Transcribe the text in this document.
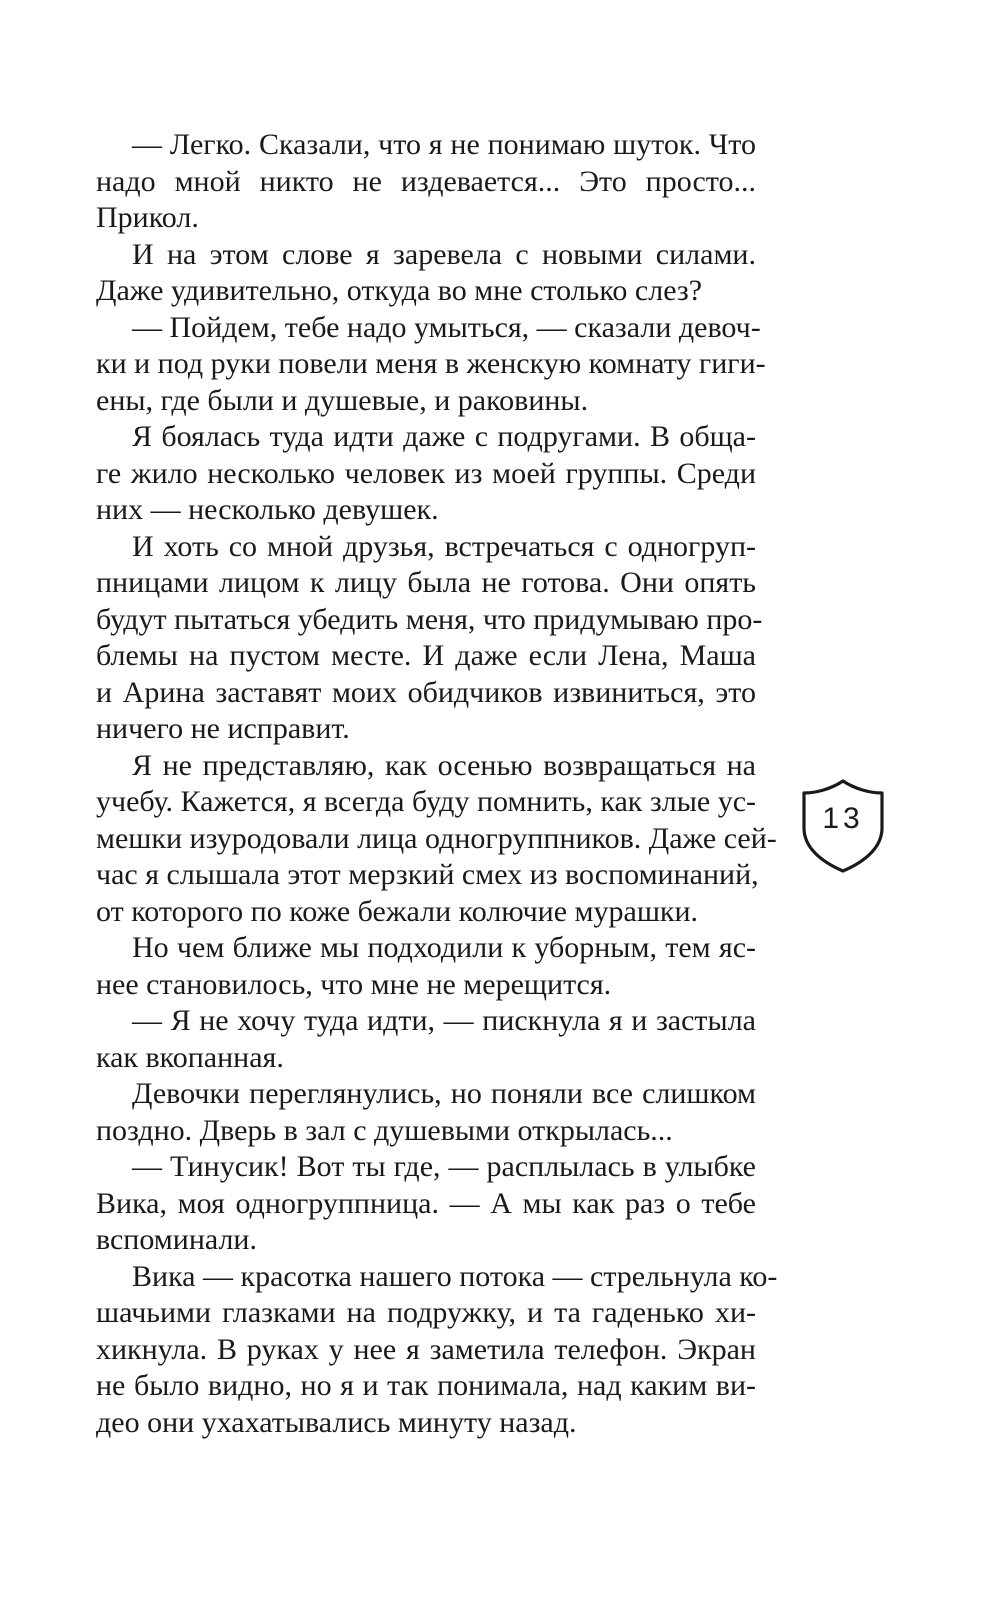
— Легко. Сказали, что я не понимаю шуток. Что
надо мной никто не издевается... Это просто...
Прикол.
И на этом слове я заревела с новыми силами.
Даже удивительно, откуда во мне столько слез?
— Пойдем, тебе надо умыться, — сказали девоч-
ки и под руки повели меня в женскую комнату гиги-
ены, где были и душевые, и раковины.
Я боялась туда идти даже с подругами. В обща-
ге жило несколько человек из моей группы. Среди
них — несколько девушек.
И хоть со мной друзья, встречаться с одногруп-
пницами лицом к лицу была не готова. Они опять
будут пытаться убедить меня, что придумываю про-
блемы на пустом месте. И даже если Лена, Маша
и Арина заставят моих обидчиков извиниться, это
ничего не исправит.
Я не представляю, как осенью возвращаться на
учебу. Кажется, я всегда буду помнить, как злые ус-
мешки изуродовали лица одногруппников. Даже сей-
час я слышала этот мерзкий смех из воспоминаний,
от которого по коже бежали колючие мурашки.
Но чем ближе мы подходили к уборным, тем яс-
нее становилось, что мне не мерещится.
— Я не хочу туда идти, — пискнула я и застыла
как вкопанная.
Девочки переглянулись, но поняли все слишком
поздно. Дверь в зал с душевыми открылась...
— Тинусик! Вот ты где, — расплылась в улыбке
Вика, моя одногруппница. — А мы как раз о тебе
вспоминали.
Вика — красотка нашего потока — стрельнула ко-
шачьими глазками на подружку, и та гаденько хи-
хикнула. В руках у нее я заметила телефон. Экран
не было видно, но я и так понимала, над каким ви-
део они ухахатывались минуту назад.
13
